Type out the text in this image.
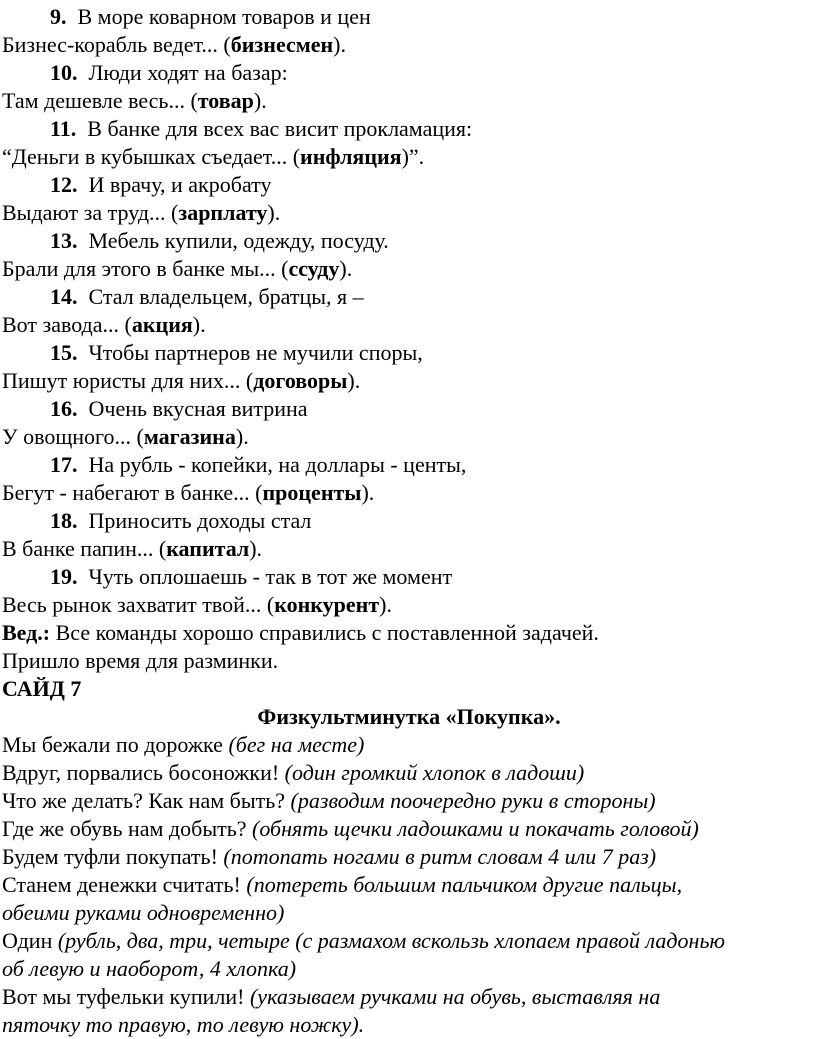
9.  В море коварном товаров и цен

Бизнес-корабль ведет... (бизнесмен).

10.  Люди ходят на базар:

Там дешевле весь... (товар).

11.  В банке для всех вас висит прокламация:

“Деньги в кубышках съедает... (инфляция)”.

12.  И врачу, и акробату

Выдают за труд... (зарплату).

13.  Мебель купили, одежду, посуду.

Брали для этого в банке мы... (ссуду).

14.  Стал владельцем, братцы, я –

Вот завода... (акция).

15.  Чтобы партнеров не мучили споры,

Пишут юристы для них... (договоры).

16.  Очень вкусная витрина

У овощного... (магазина).

17.  На рубль - копейки, на доллары - центы,

Бегут - набегают в банке... (проценты).

18.  Приносить доходы стал

В банке папин... (капитал).

19.  Чуть оплошаешь - так в тот же момент

Весь рынок захватит твой... (конкурент).

Вед.: Все команды хорошо справились с поставленной задачей.

Пришло время для разминки.

САЙД 7

Физкультминутка «Покупка».

Мы бежали по дорожке (бег на месте)

Вдруг, порвались босоножки! (один громкий хлопок в ладоши)

Что же делать? Как нам быть? (разводим поочередно руки в стороны)

Где же обувь нам добыть? (обнять щечки ладошками и покачать головой)

Будем туфли покупать! (потопать ногами в ритм словам 4 или 7 раз)

Станем денежки считать! (потереть большим пальчиком другие пальцы,

обеими руками одновременно)

Один (рубль, два, три, четыре (с размахом вскользь хлопаем правой ладонью

об левую и наоборот, 4 хлопка)

Вот мы туфельки купили! (указываем ручками на обувь, выставляя на

пяточку то правую, то левую ножку).
